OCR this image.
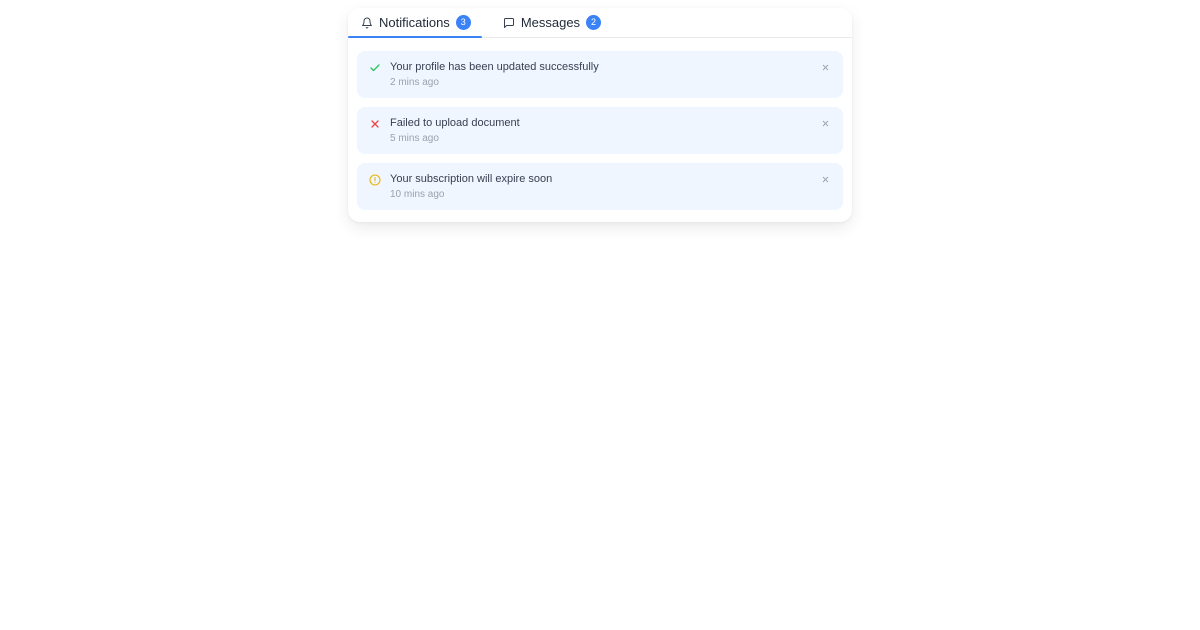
Notifications	3	Messages	2
Your profile has been updated successfully
2 mins ago
Failed to upload document
5 mins ago
Your subscription will expire soon
10 mins ago
